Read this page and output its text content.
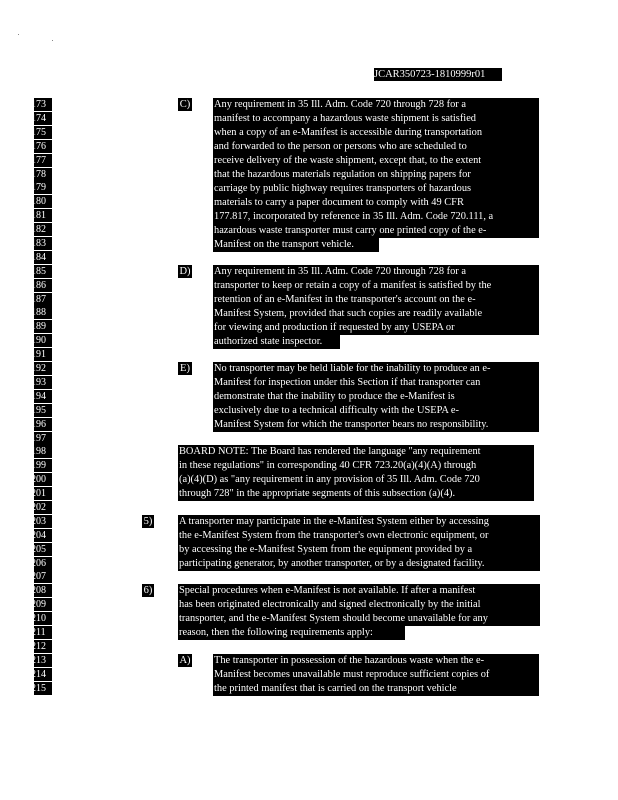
JCAR350723-1810999r01
173
174
175
176
177
178
179
180
181
182
183
184
185
186
187
188
189
190
191
192
193
194
195
196
197
198
199
200
201
202
203
204
205
206
207
208
209
210
211
212
213
214
215
C) Any requirement in 35 Ill. Adm. Code 720 through 728 for a
manifest to accompany a hazardous waste shipment is satisfied
when a copy of an e-Manifest is accessible during transportation
and forwarded to the person or persons who are scheduled to
receive delivery of the waste shipment, except that, to the extent
that the hazardous materials regulation on shipping papers for
carriage by public highway requires transporters of hazardous
materials to carry a paper document to comply with 49 CFR
177.817, incorporated by reference in 35 Ill. Adm. Code 720.111, a
hazardous waste transporter must carry one printed copy of the e-
Manifest on the transport vehicle.
D) Any requirement in 35 Ill. Adm. Code 720 through 728 for a
transporter to keep or retain a copy of a manifest is satisfied by the
retention of an e-Manifest in the transporter's account on the e-
Manifest System, provided that such copies are readily available
for viewing and production if requested by any USEPA or
authorized state inspector.
E) No transporter may be held liable for the inability to produce an e-
Manifest for inspection under this Section if that transporter can
demonstrate that the inability to produce the e-Manifest is
exclusively due to a technical difficulty with the USEPA e-
Manifest System for which the transporter bears no responsibility.
BOARD NOTE: The Board has rendered the language "any requirement
in these regulations" in corresponding 40 CFR 723.20(a)(4)(A) through
(a)(4)(D) as "any requirement in any provision of 35 Ill. Adm. Code 720
through 728" in the appropriate segments of this subsection (a)(4).
5)	A transporter may participate in the e-Manifest System either by accessing
the e-Manifest System from the transporter's own electronic equipment, or
by accessing the e-Manifest System from the equipment provided by a
participating generator, by another transporter, or by a designated facility.
6)	Special procedures when e-Manifest is not available. If after a manifest
has been originated electronically and signed electronically by the initial
transporter, and the e-Manifest System should become unavailable for any
reason, then the following requirements apply:
A) The transporter in possession of the hazardous waste when the e-
Manifest becomes unavailable must reproduce sufficient copies of
the printed manifest that is carried on the transport vehicle
